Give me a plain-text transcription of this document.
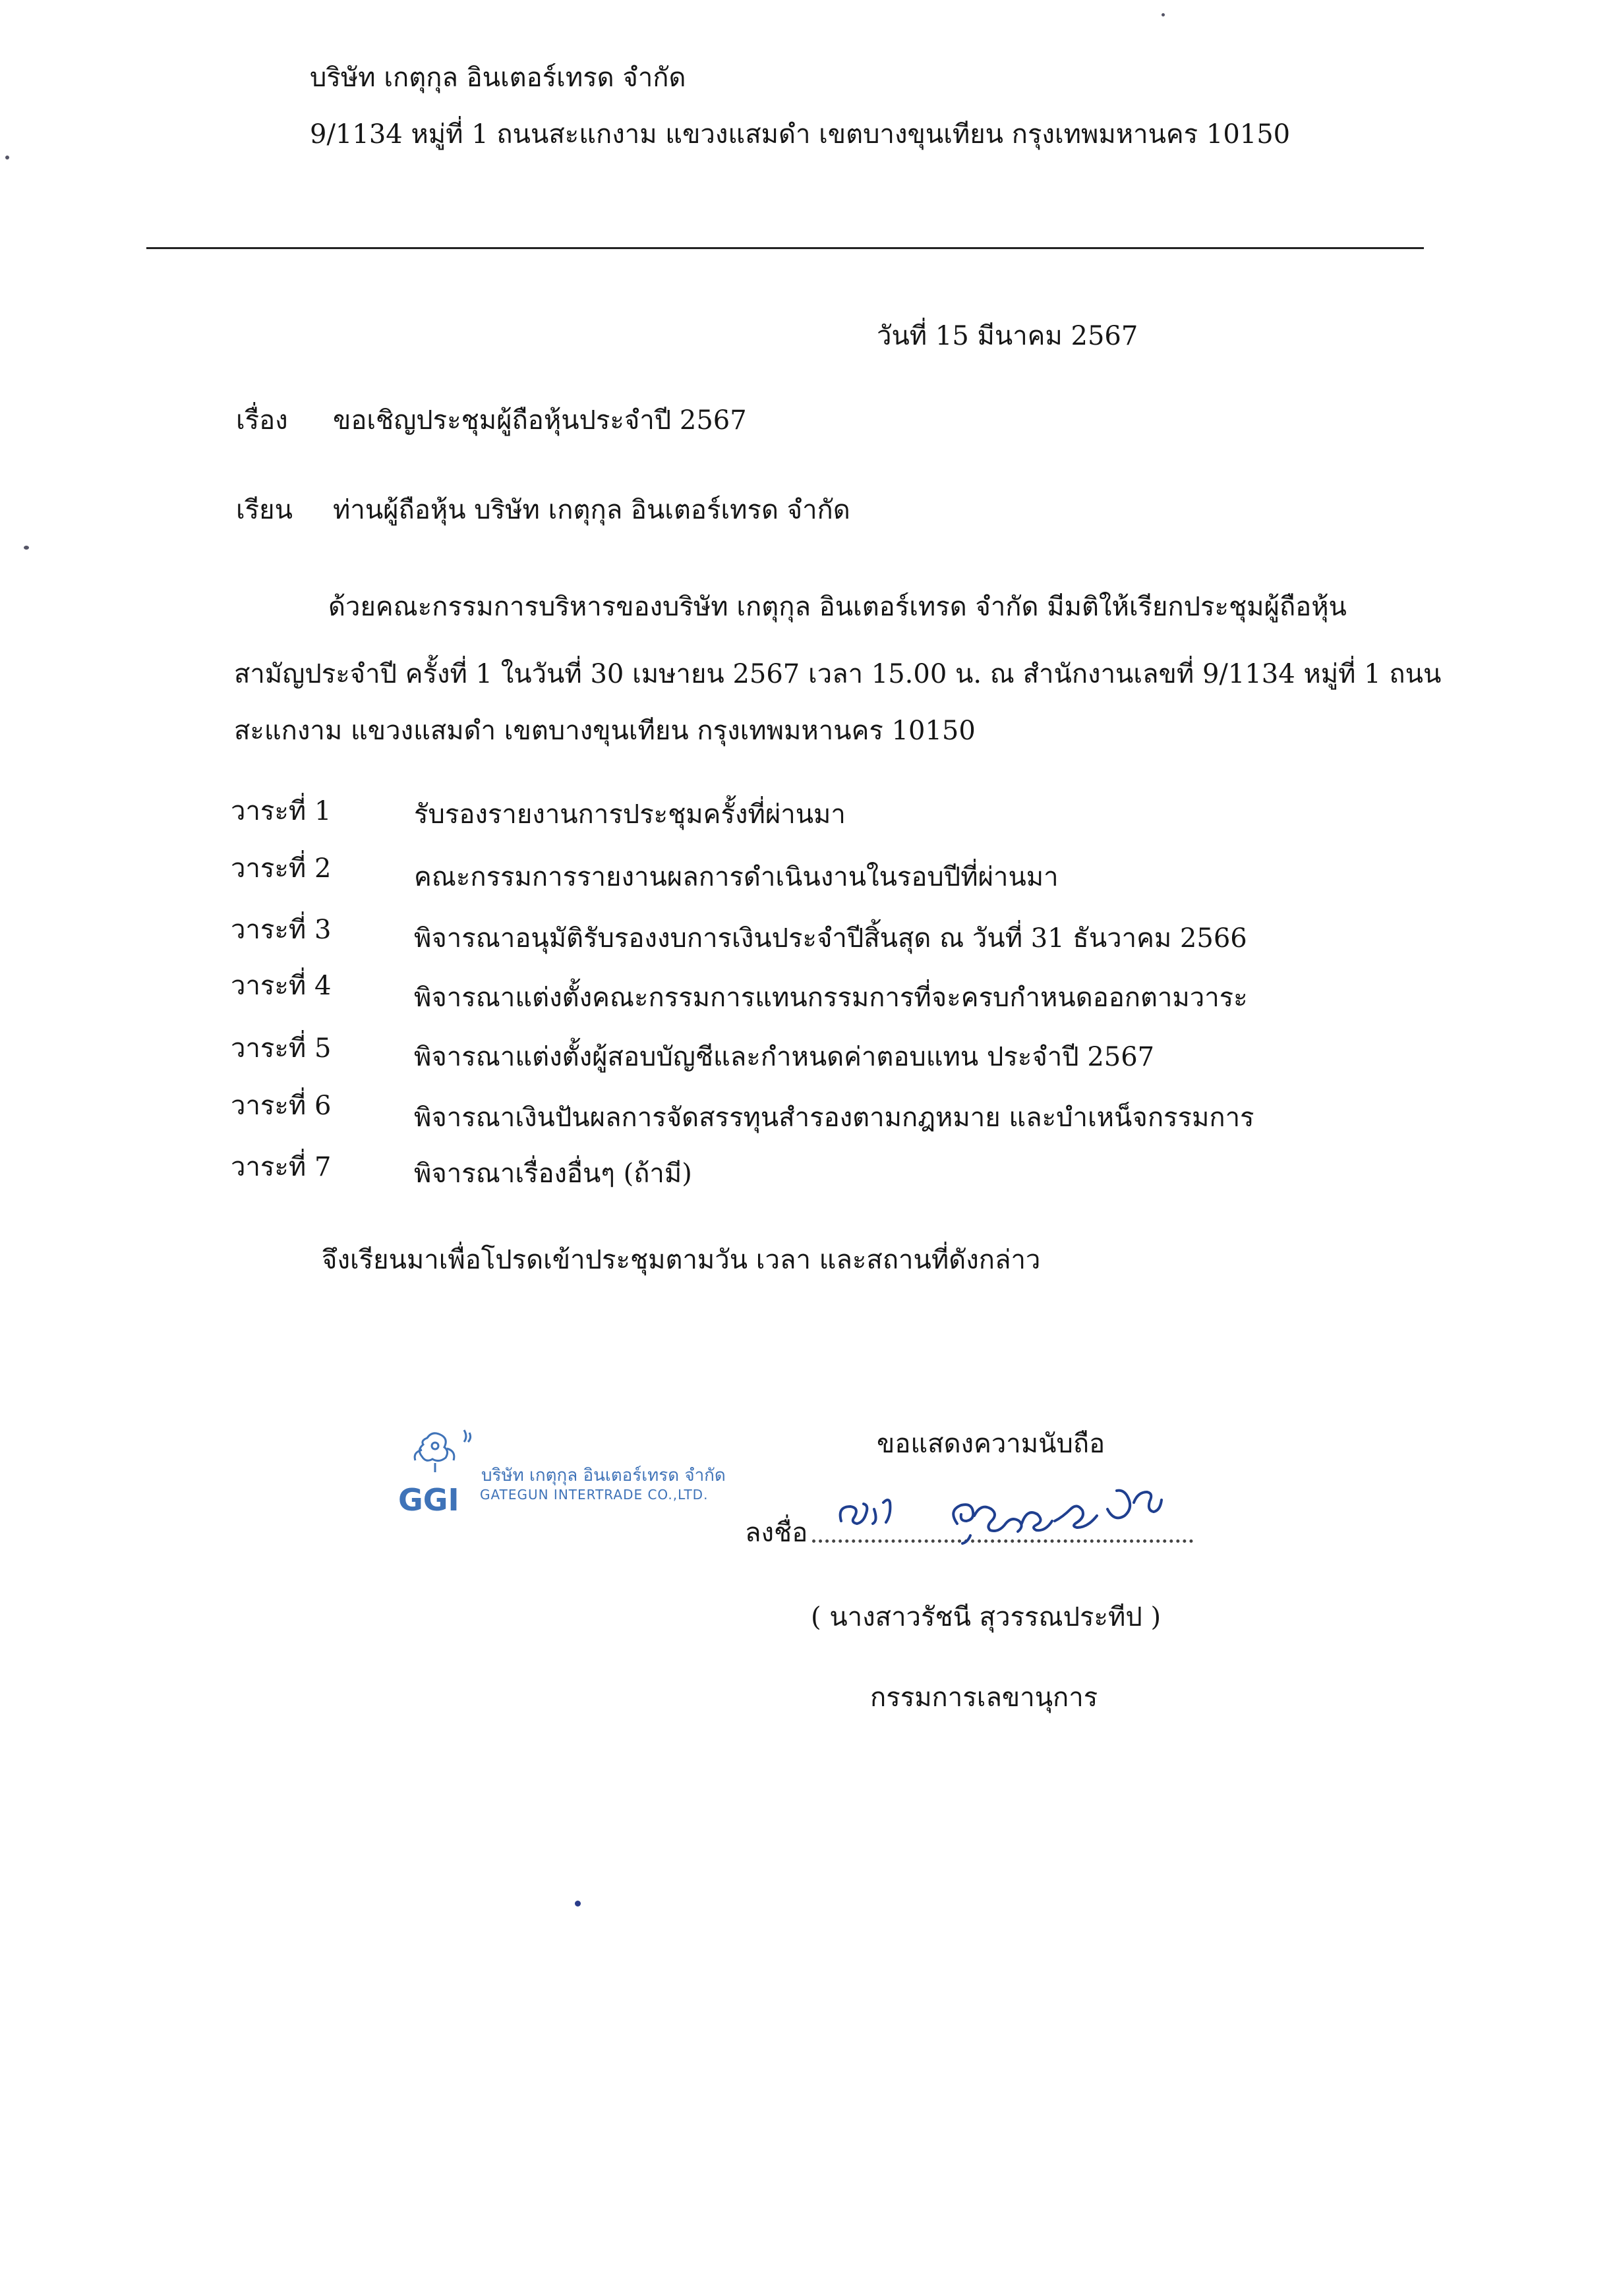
บริษัท เกตุกุล อินเตอร์เทรด จำกัด
9/1134 หมู่ที่ 1 ถนนสะแกงาม แขวงแสมดำ เขตบางขุนเทียน กรุงเทพมหานคร 10150
วันที่ 15 มีนาคม 2567
เรื่อง ขอเชิญประชุมผู้ถือหุ้นประจำปี 2567
เรียน ท่านผู้ถือหุ้น บริษัท เกตุกุล อินเตอร์เทรด จำกัด
ด้วยคณะกรรมการบริหารของบริษัท เกตุกุล อินเตอร์เทรด จำกัด มีมติให้เรียกประชุมผู้ถือหุ้น
สามัญประจำปี ครั้งที่ 1 ในวันที่ 30 เมษายน 2567 เวลา 15.00 น. ณ สำนักงานเลขที่ 9/1134 หมู่ที่ 1 ถนน
สะแกงาม แขวงแสมดำ เขตบางขุนเทียน กรุงเทพมหานคร 10150
วาระที่ 1	รับรองรายงานการประชุมครั้งที่ผ่านมา
วาระที่ 2	คณะกรรมการรายงานผลการดำเนินงานในรอบปีที่ผ่านมา
วาระที่ 3	พิจารณาอนุมัติรับรองงบการเงินประจำปีสิ้นสุด ณ วันที่ 31 ธันวาคม 2566
วาระที่ 4	พิจารณาแต่งตั้งคณะกรรมการแทนกรรมการที่จะครบกำหนดออกตามวาระ
วาระที่ 5	พิจารณาแต่งตั้งผู้สอบบัญชีและกำหนดค่าตอบแทน ประจำปี 2567
วาระที่ 6	พิจารณาเงินปันผลการจัดสรรทุนสำรองตามกฎหมาย และบำเหน็จกรรมการ
วาระที่ 7	พิจารณาเรื่องอื่นๆ (ถ้ามี)
จึงเรียนมาเพื่อโปรดเข้าประชุมตามวัน เวลา และสถานที่ดังกล่าว
GGI
บริษัท เกตุกุล อินเตอร์เทรด จำกัด
GATEGUN INTERTRADE CO.,LTD.
ขอแสดงความนับถือ
ลงชื่อ
( นางสาวรัชนี สุวรรณประทีป )
กรรมการเลขานุการ
